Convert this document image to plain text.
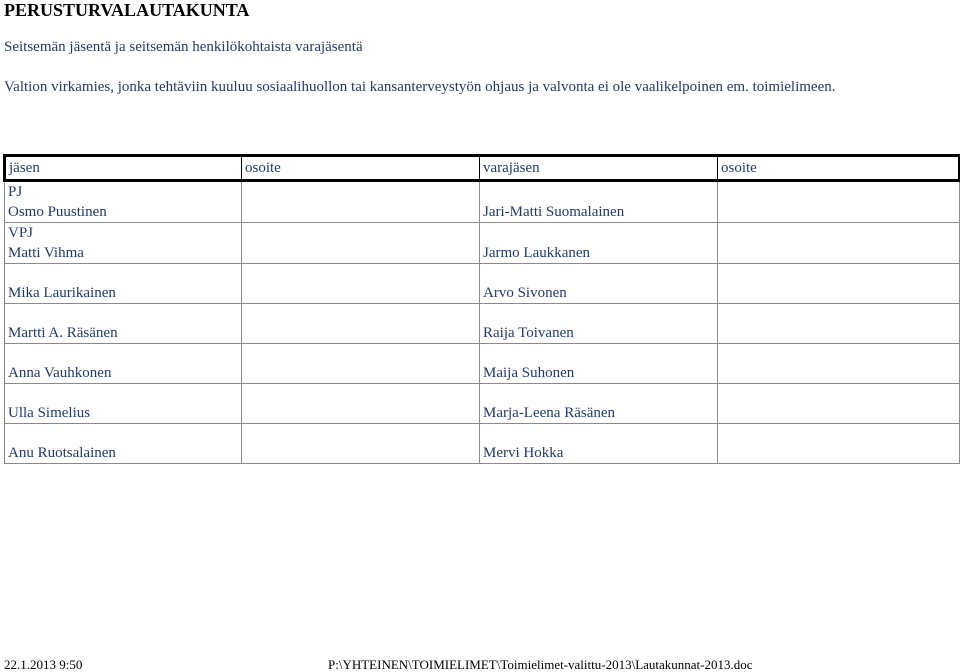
PERUSTURVALAUTAKUNTA
Seitsemän jäsentä ja seitsemän henkilökohtaista varajäsentä
Valtion virkamies, jonka tehtäviin kuuluu sosiaalihuollon tai kansanterveystyön ohjaus ja valvonta ei ole vaalikelpoinen em. toimielimeen.
jäsen	osoite	varajäsen	osoite

PJ
Osmo Puustinen		Jari-Matti Suomalainen	

VPJ
Matti Vihma		Jarmo Laukkanen	

Mika Laurikainen		Arvo Sivonen	

Martti A. Räsänen		Raija Toivanen	

Anna Vauhkonen		Maija Suhonen	

Ulla Simelius		Marja-Leena Räsänen	

Anu Ruotsalainen		Mervi Hokka	
22.1.2013 9:50	P:\YHTEINEN\TOIMIELIMET\Toimielimet-valittu-2013\Lautakunnat-2013.doc
